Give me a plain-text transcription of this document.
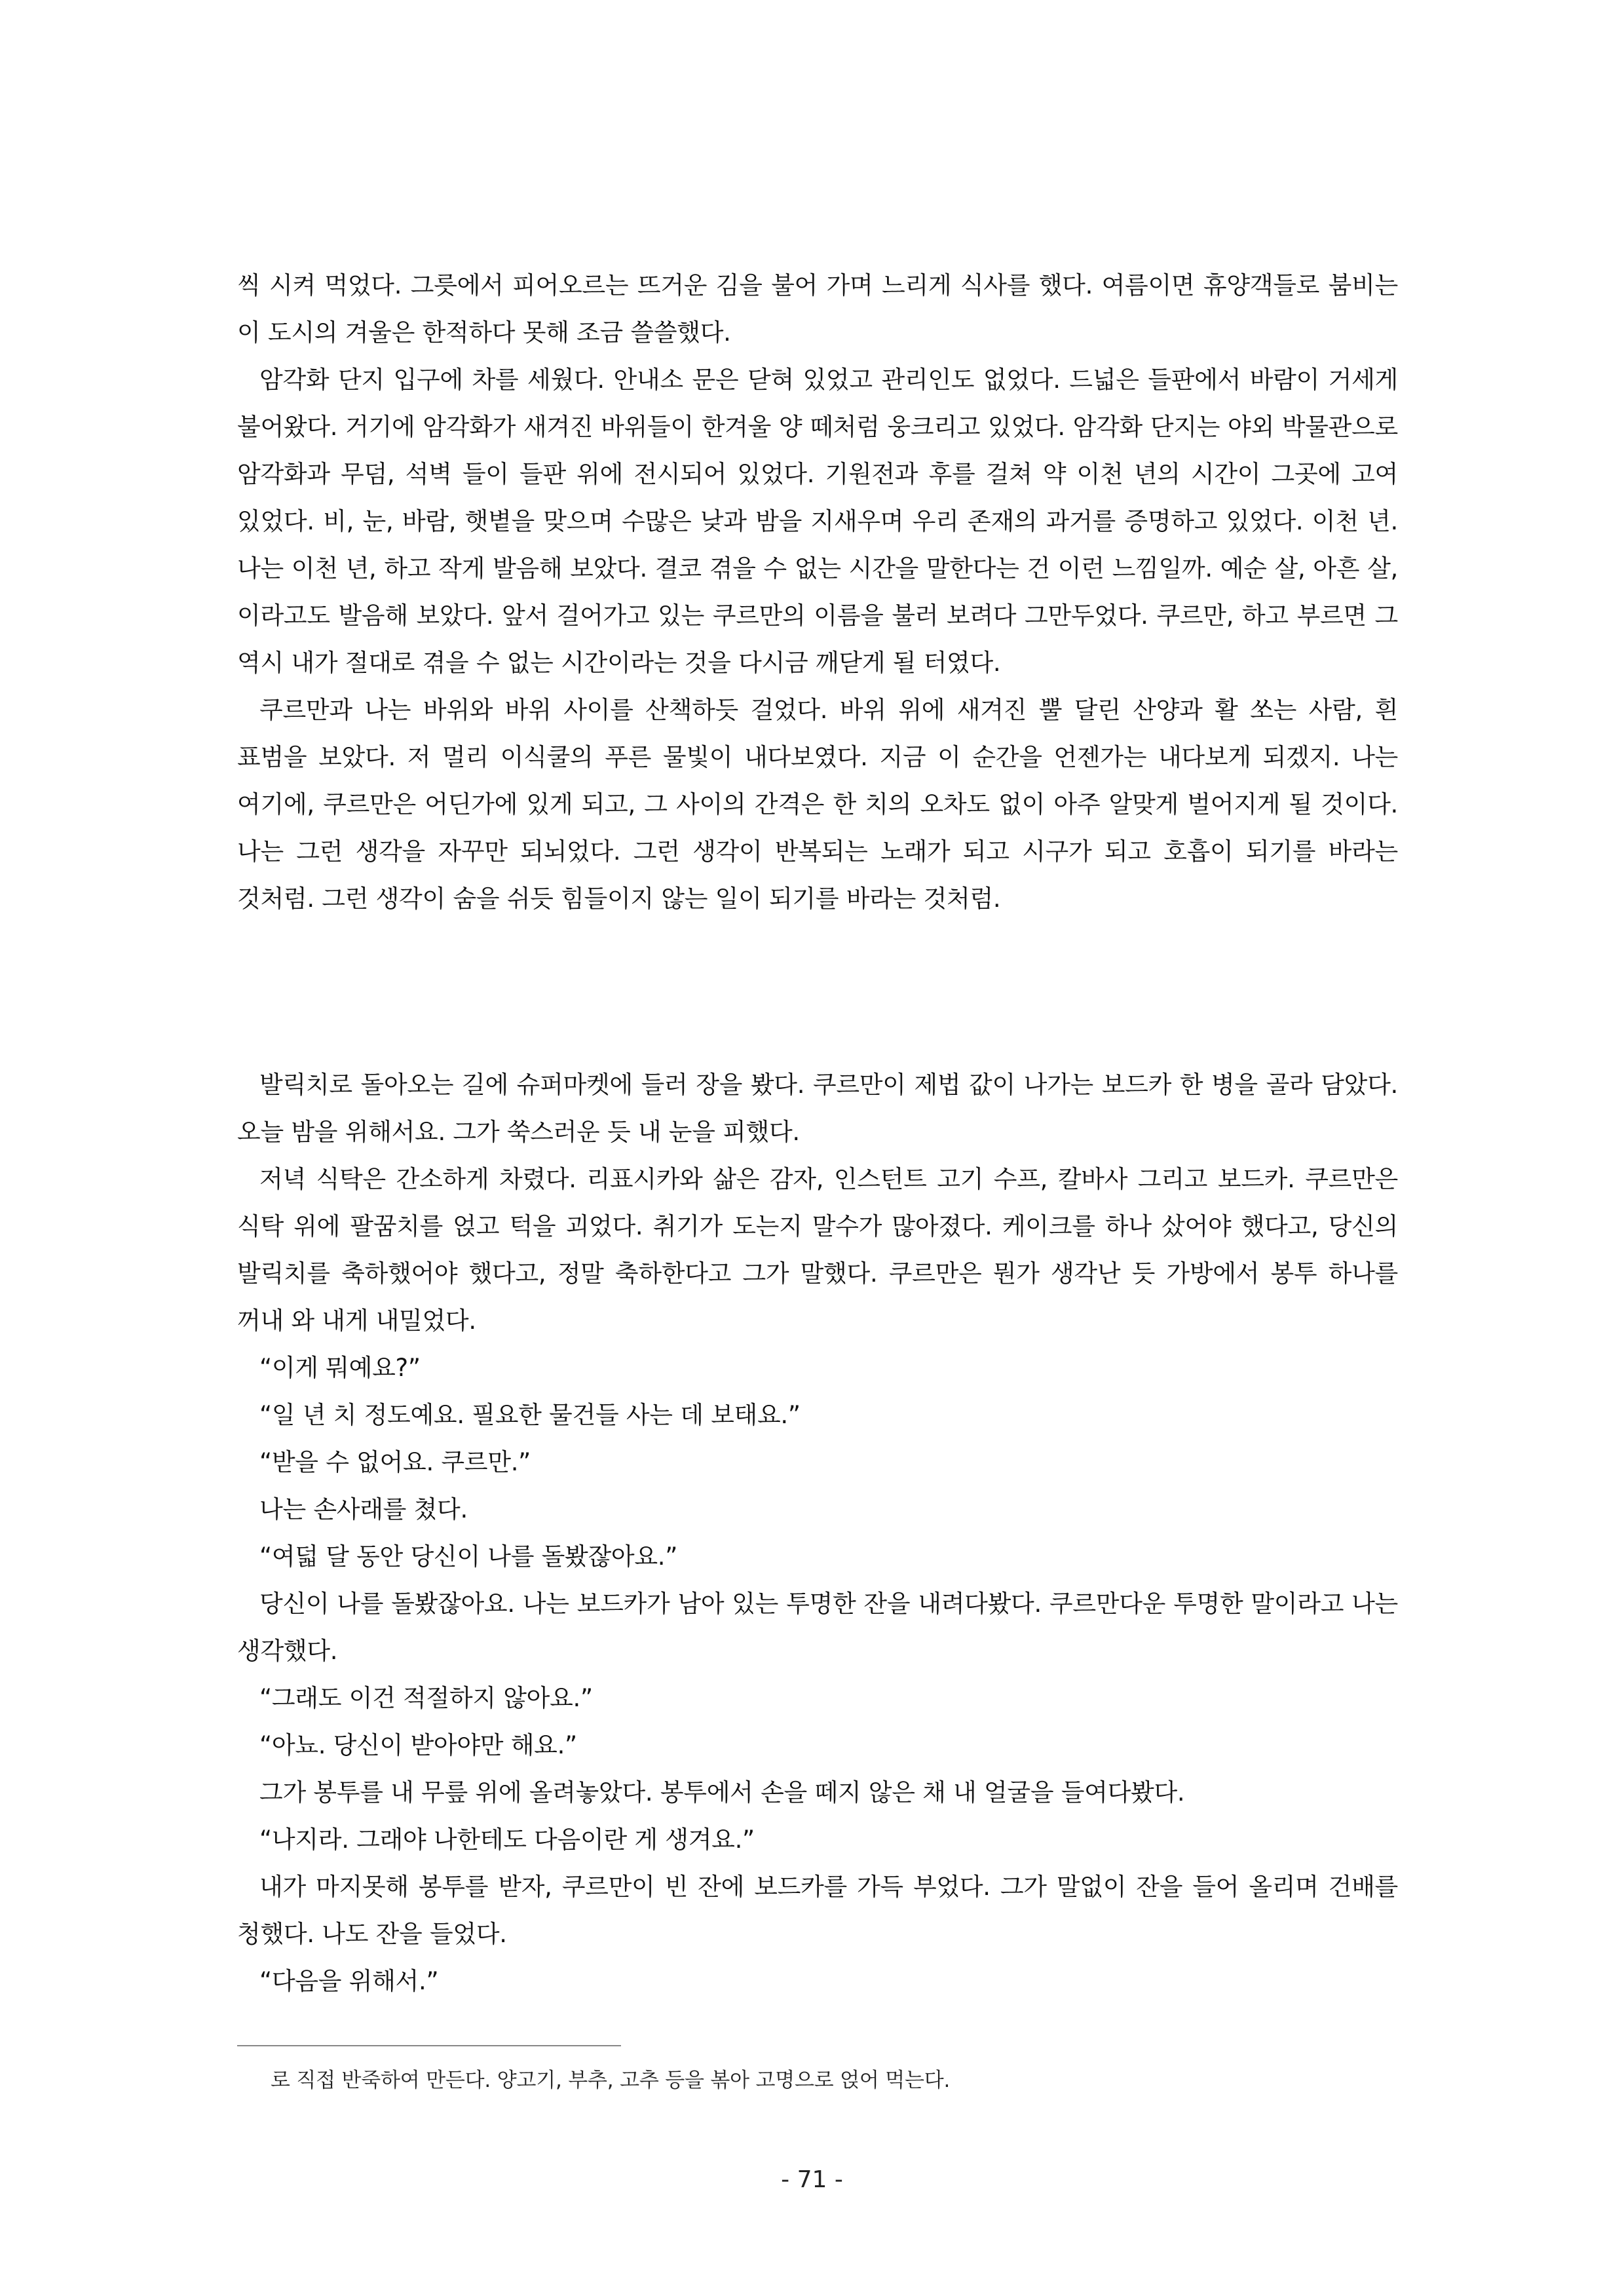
씩 시켜 먹었다. 그릇에서 피어오르는 뜨거운 김을 불어 가며 느리게 식사를 했다. 여름이면 휴양객들로 붐비는 이 도시의 겨울은 한적하다 못해 조금 쓸쓸했다.

암각화 단지 입구에 차를 세웠다. 안내소 문은 닫혀 있었고 관리인도 없었다. 드넓은 들판에서 바람이 거세게 불어왔다. 거기에 암각화가 새겨진 바위들이 한겨울 양 떼처럼 웅크리고 있었다. 암각화 단지는 야외 박물관으로 암각화과 무덤, 석벽 들이 들판 위에 전시되어 있었다. 기원전과 후를 걸쳐 약 이천 년의 시간이 그곳에 고여 있었다. 비, 눈, 바람, 햇볕을 맞으며 수많은 낮과 밤을 지새우며 우리 존재의 과거를 증명하고 있었다. 이천 년. 나는 이천 년, 하고 작게 발음해 보았다. 결코 겪을 수 없는 시간을 말한다는 건 이런 느낌일까. 예순 살, 아흔 살, 이라고도 발음해 보았다. 앞서 걸어가고 있는 쿠르만의 이름을 불러 보려다 그만두었다. 쿠르만, 하고 부르면 그 역시 내가 절대로 겪을 수 없는 시간이라는 것을 다시금 깨닫게 될 터였다.

쿠르만과 나는 바위와 바위 사이를 산책하듯 걸었다. 바위 위에 새겨진 뿔 달린 산양과 활 쏘는 사람, 흰 표범을 보았다. 저 멀리 이식쿨의 푸른 물빛이 내다보였다. 지금 이 순간을 언젠가는 내다보게 되겠지. 나는 여기에, 쿠르만은 어딘가에 있게 되고, 그 사이의 간격은 한 치의 오차도 없이 아주 알맞게 벌어지게 될 것이다. 나는 그런 생각을 자꾸만 되뇌었다. 그런 생각이 반복되는 노래가 되고 시구가 되고 호흡이 되기를 바라는 것처럼. 그런 생각이 숨을 쉬듯 힘들이지 않는 일이 되기를 바라는 것처럼.

발릭치로 돌아오는 길에 슈퍼마켓에 들러 장을 봤다. 쿠르만이 제법 값이 나가는 보드카 한 병을 골라 담았다. 오늘 밤을 위해서요. 그가 쑥스러운 듯 내 눈을 피했다.

저녁 식탁은 간소하게 차렸다. 리표시카와 삶은 감자, 인스턴트 고기 수프, 칼바사 그리고 보드카. 쿠르만은 식탁 위에 팔꿈치를 얹고 턱을 괴었다. 취기가 도는지 말수가 많아졌다. 케이크를 하나 샀어야 했다고, 당신의 발릭치를 축하했어야 했다고, 정말 축하한다고 그가 말했다. 쿠르만은 뭔가 생각난 듯 가방에서 봉투 하나를 꺼내 와 내게 내밀었다.

“이게 뭐예요?”

“일 년 치 정도예요. 필요한 물건들 사는 데 보태요.”

“받을 수 없어요. 쿠르만.”

나는 손사래를 쳤다.

“여덟 달 동안 당신이 나를 돌봤잖아요.”

당신이 나를 돌봤잖아요. 나는 보드카가 남아 있는 투명한 잔을 내려다봤다. 쿠르만다운 투명한 말이라고 나는 생각했다.

“그래도 이건 적절하지 않아요.”

“아뇨. 당신이 받아야만 해요.”

그가 봉투를 내 무릎 위에 올려놓았다. 봉투에서 손을 떼지 않은 채 내 얼굴을 들여다봤다.

“나지라. 그래야 나한테도 다음이란 게 생겨요.”

내가 마지못해 봉투를 받자, 쿠르만이 빈 잔에 보드카를 가득 부었다. 그가 말없이 잔을 들어 올리며 건배를 청했다. 나도 잔을 들었다.

“다음을 위해서.”

로 직접 반죽하여 만든다. 양고기, 부추, 고추 등을 볶아 고명으로 얹어 먹는다.
- 71 -
